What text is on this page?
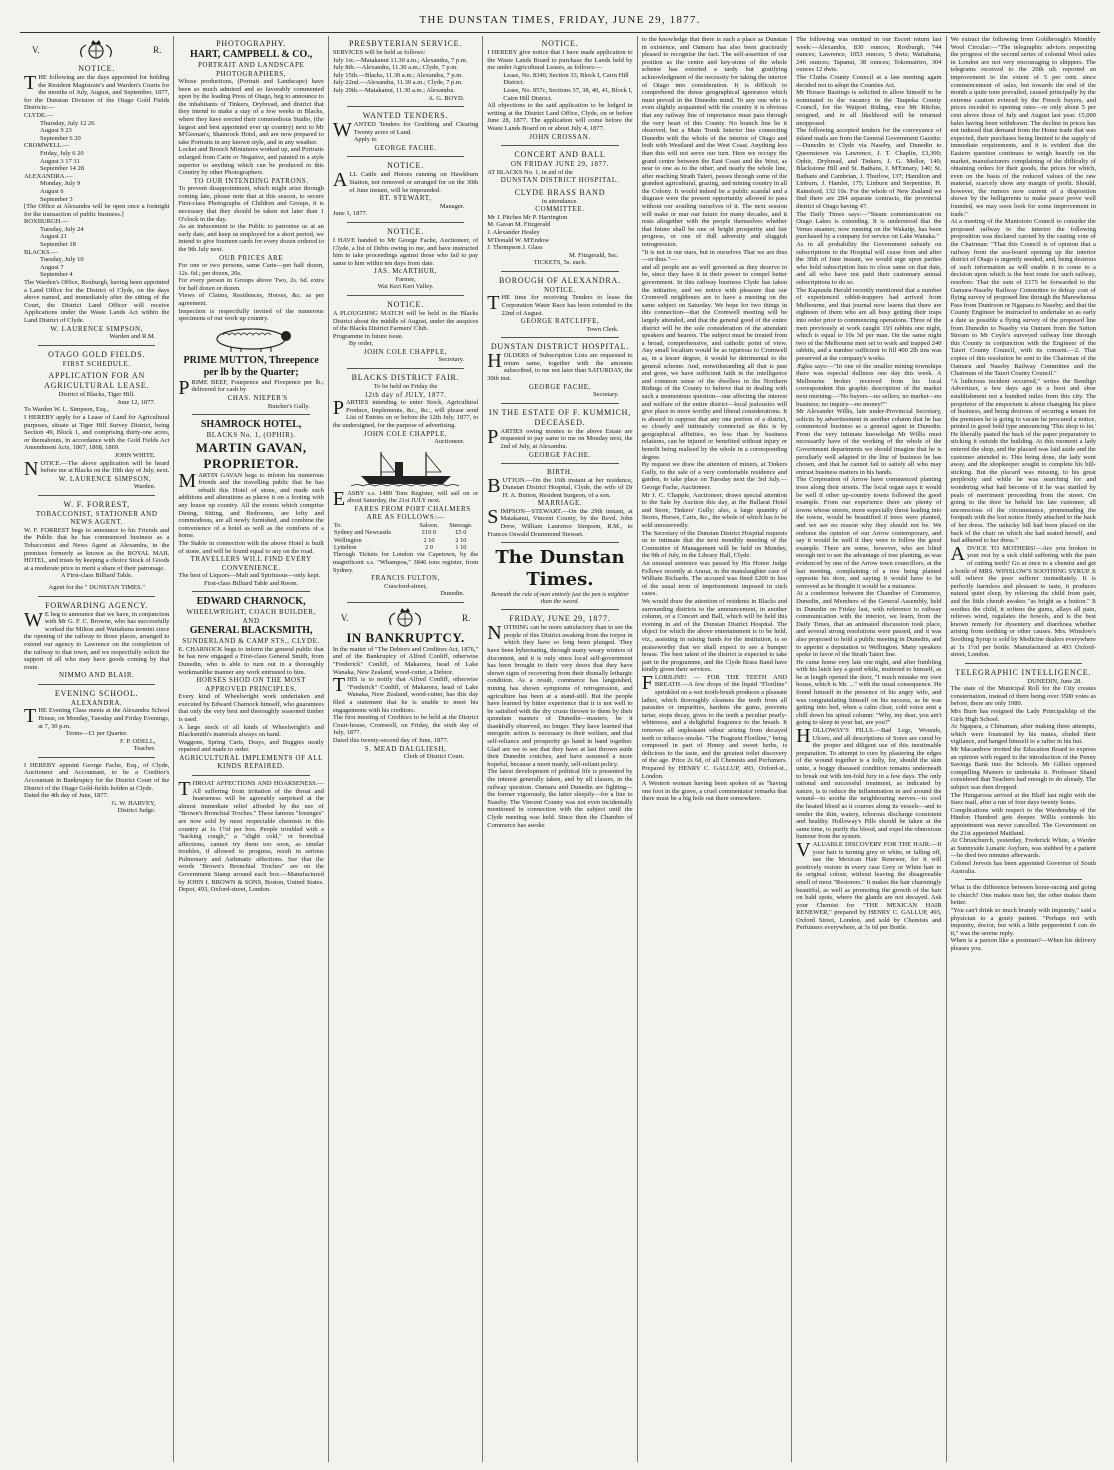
THE DUNSTAN TIMES, FRIDAY, JUNE 29, 1877.
V.	R.
NOTICE.

THE following are the days appointed for holding the Resident Magistrate's and Warden's Courts for the months of July, August, and September, 1877, for the Dunstan Division of the Otago Gold Fields Districts:—

CLYDE.—
Thursday, July 12 26
August 9 23
September 6 20
CROMWELL.—
Friday, July 6 20
August 3 17 31
September 14 28
ALEXANDRA.—
Monday, July 9
August 6
September 3

[The Office at Alexandra will be open once a fortnight for the transaction of public business.]

ROXBURGH.—
Tuesday, July 24
August 21
September 18
BLACKS.—
Tuesday, July 10
August 7
September 4

The Warden's Office, Roxburgh, having been appointed a Land Office for the District of Clyde, on the days above named, and immediately after the sitting of the Court, the District Land Officer will receive Applications under the Waste Lands Act within the Land District of Clyde.

W. LAURENCE SIMPSON,
Warden and R.M.
OTAGO GOLD FIELDS.
FIRST SCHEDULE.
APPLICATION FOR AN AGRICULTURAL LEASE.
District of Blacks, Tiger Hill.
June 12, 1877.
To Warden W. L. Simpson, Esq.,

I HEREBY apply for a Lease of Land for Agricultural purposes, situate at Tiger Hill Survey District, being Section 49, Block 1, and comprising thirty-one acres, or thereabouts, in accordance with the Gold Fields Act Amendment Acts, 1867, 1868, 1869.

JOHN WHITE.

NOTICE.—The above application will be heard before me at Blacks on the 10th day of July, next.

W. LAURENCE SIMPSON,
Warden.
W. F. FORREST,
TOBACCONIST, STATIONER AND NEWS AGENT.

W. F. FORREST begs to announce to his Friends and the Public that he has commenced business as a Tobacconist and News Agent at Alexandra, in the premises formerly as known as the ROYAL MAIL HOTEL, and trusts by keeping a choice Stock of Goods at a moderate price to merit a share of their patronage.

A First-class Billiard Table.
Agent for the " DUNSTAN TIMES."
FORWARDING AGENCY.

W E beg to announce that we have, in conjunction with Mr G. F. C. Browne, who has successfully worked the Milton and Waitahuna termini since the opening of the railway to those places, arranged to extend our agency to Lawrence on the completion of the railway to that town, and we respectfully solicit the support of all who may have goods coming by that route.

NIMMO AND BLAIR.
EVENING SCHOOL.
ALEXANDRA.

THE Evening Class meets at the Alexandra School House, on Monday, Tuesday and Friday Evenings, at 7, 30 p.m.

Terms—£1 per Quarter.
F. P. ODELL,
Teacher.

I HEREBY appoint George Fache, Esq., of Clyde, Auctioneer and Accountant, to be a Creditor's Accountant in Bankruptcy for the District Court of the District of the Otago Gold-fields holden at Clyde.

Dated the 4th day of June, 1877.
G. W. HARVEY,
District Judge.
PHOTOGRAPHY.
HART, CAMPBELL & CO.,
PORTRAIT AND LANDSCAPE PHOTOGRAPHERS,

Whose productions, (Portrait and Landscape) have been so much admired and so favorably commented upon by the leading Press of Otago, beg to announce to the inhabitants of Tinkers, Drybread, and district that they intend to make a stay of a few weeks in Blacks, where they have erected their commodious Studio, (the largest and best appointed ever up country) next to Mr M'Geenan's, Shamrock Hotel, and are now prepared to take Portraits in any known style, and in any weather.

Locket and Brooch Miniatures worked up, and Portraits enlarged from Carte or Negative, and painted in a style superior to anything which can be produced in this Country by other Photographers.

TO OUR INTENDING PATRONS.

To prevent disappointment, which might arise through coming late, please note that at this season, to secure First-class Photographs of Children and Groups, it is necessary that they should be taken not later than 1 O'clock in the day.

As an inducement to the Public to patronise us at an early date, and keep us employed for a short period, we intend to give fourteen cards for every dozen ordered to the 9th July next.

OUR PRICES ARE

For one or two persons, same Carte—per half dozen, 12s. 6d.; per dozen, 20s.

For every person in Groups above Two, 2s. 6d. extra for half dozen or dozen.

Views of Claims, Residences, Horses, &c. as per agreement.

Inspection is respectfully invited of the numerous specimens of our work up country.

PRIME MUTTON, Threepence per lb by the Quarter;

PRIME BEEF, Fourpence and Fivepence per lb.; delivered for cash by

CHAS. NIEPER'S
Butcher's Gully.
SHAMROCK HOTEL,
BLACKS No. 1, (OPHIR).
MARTIN GAVAN, PROPRIETOR.

MARTIN GAVAN begs to inform his numerous friends and the travelling public that he has rebuilt this Hotel of stone, and made such additions and alterations as places it on a footing with any house up country. All the rooms which comprise Dining, Sitting, and Bedrooms, are lofty and commodious, are all newly furnished, and combine the convenience of a hotel as well as the comforts of a home.

The Stable in connection with the above Hotel is built of stone, and will be found equal to any on the road.

TRAVELLERS WILL FIND EVERY CONVENIENCE.

The best of Liquors—Malt and Spirituous—only kept.

First-class Billiard Table and Room.
EDWARD CHARNOCK,
WHEELWRIGHT, COACH BUILDER, AND
GENERAL BLACKSMITH,
SUNDERLAND & CAMP STS., CLYDE.

E. CHARNOCK begs to inform the general public that he has now engaged a First-class General Smith, from Dunedin, who is able to turn out in a thoroughly workmanlike manner any work entrusted to him.

HORSES SHOD ON THE MOST APPROVED PRINCIPLES.

Every kind of Wheelwright work undertaken and executed by Edward Charnock himself, who guarantees that only the very best and thoroughly seasoned timber is used.

A large stock of all kinds of Wheelwright's and Blacksmith's materials always on hand.

Waggons, Spring Carts, Drays, and Buggies neatly repaired and made to order.

AGRICULTURAL IMPLEMENTS OF ALL KINDS REPAIRED.

THROAT AFFECTIONS AND HOARSENESS.—All suffering from irritation of the throat and hoarseness will be agreeably surprised at the almost immediate relief afforded by the use of "Brown's Bronchial Troches." These famous "lozenges" are now sold by most respectable chemists in this country at 1s 1½d per box. People troubled with a "hacking cough," a "slight cold," or bronchial affections, cannot try them too soon, as similar troubles, if allowed to progress, result in serious Pulmonary and Asthmatic affections. See that the words "Brown's Bronchial Troches" are on the Government Stamp around each box.—Manufactured by JOHN I. BROWN & SONS, Boston, United States. Depot, 493, Oxford-street, London.

PRESBYTERIAN SERVICE.

SERVICES will be held as follows:

July 1st.—Matakanui 11.30 a.m.; Alexandra, 7 p.m.

July 8th.—Alexandra, 11.30 a.m.; Clyde, 7 p.m.

July 15th.—Blacks, 11.30 a.m.; Alexandra, 7 p.m.

July 22nd.—Alexandra, 11.30 a.m.; Clyde, 7 p.m.

July 29th.—Matakanui, 11.30 a.m.; Alexandra.

A. G. BOYD.
WANTED TENDERS.

WANTED Tenders for Grubbing and Clearing Twenty acres of Land.

Apply to
GEORGE FACHE.
NOTICE.

ALL Cattle and Horses running on Hawkburn Station, not removed or arranged for on the 30th of June instant, will be impounded.

RT. STEWART,
Manager.
June 1, 1877.
NOTICE.

I HAVE handed to Mr George Fache, Auctioneer, of Clyde, a list of Debts owing to me, and have instructed him to take proceedings against those who fail to pay same to him within ten days from date.

JAS. McARTHUR,
Farmer,
Wai Keri Keri Valley.
NOTICE.

A PLOUGHING MATCH will be held in the Blacks District about the middle of August, under the auspices of the Blacks District Farmers' Club.

Programme in future issue.

By order,
JOHN COLE CHAPPLE,
Secretary.
BLACKS DISTRICT FAIR.
To be held on Friday the
12th day of JULY, 1877.

PARTIES intending to enter Stock, Agricultural Produce, Implements, &c., &c., will please send List of Entries on or before the 12th July, 1877, to the undersigned, for the purpose of advertising.

JOHN COLE CHAPPLE,
Auctioneer.

EASBY s.s. 1489 Tons Register, will sail on or about Saturday, the 21st JULY next.

FARES FROM PORT CHALMERS ARE AS FOLLOWS:—
To.	Saloon.	Steerage.
Sydney and Newcastle	£10 0	£5 0
Wellington	2 10	2 10
Lyttelton	2 0	1 10

Through Tickets for London via Capetown, by the magnificent s.s. "Whampoa," 3846 tons register, from Sydney.

FRANCIS FULTON,
Crawford-street,
Dunedin.
V.	R.
IN BANKRUPTCY.

In the matter of "The Debtors and Creditors Act, 1876," and of the Bankruptcy of Alfred Conliff, otherwise "Frederick" Conliff, of Makarora, head of Lake Wanaka, New Zealand, wood-cutter, a Debtor.

THIS is to notify that Alfred Conliff, otherwise "Frederick" Conliff, of Makarora, head of Lake Wanaka, New Zealand, wood-cutter, has this day filed a statement that he is unable to meet his engagements with his creditors.

The first meeting of Creditors to be held at the District Court-house, Cromwell, on Friday, the sixth day of July, 1877.

Dated this twenty-second day of June, 1877.

S. MEAD DALGLIESH,
Clerk of District Court.
NOTICE.

I HEREBY give notice that I have made application to the Waste Lands Board to purchase the Lands held by me under Agricultural Leases, as follows:—

Lease, No. 8340, Section 33, Block I, Cairn Hill District.
Lease, No. 857c, Sections 37, 38, 40, 41, Block I, Cairn Hill District.

All objections to the said application to be lodged in writing at the District Land Office, Clyde, on or before June 28, 1877. The application will come before the Waste Lands Board on or about July 4, 1877.

JOHN CROSSAN.
CONCERT AND BALL
ON FRIDAY JUNE 29, 1877.

AT BLACKS No. 1, in aid of the

DUNSTAN DISTRICT HOSPITAL.
CLYDE BRASS BAND
in attendance.
COMMITTEE.
Mr J. Pitches Mr P. Harrington
M. Gavan M. Fitzgerald
J. Alexander Healey
M'Donald W. M'Endow
J. Thompson J. Glass
M. Fitzgerald, Sec.
TICKETS, 5s. each.
BOROUGH OF ALEXANDRA.
NOTICE.

THE time for receiving Tenders to lease the Corporation Water Race has been extended to the 22nd of August.

GEORGE RATCLIFFE,
Town Clerk.
DUNSTAN DISTRICT HOSPITAL.

HOLDERS of Subscription Lists are requested to return same, together with the amounts subscribed, to me not later than SATURDAY, the 30th inst.

GEORGE FACHE,
Secretary.
IN THE ESTATE OF F. KUMMICH, DECEASED.

PARTIES owing monies to the above Estate are requested to pay same to me on Monday next, the 2nd of July, at Alexandra.

GEORGE FACHE.
BIRTH.

BUTTON.—On the 16th instant at her residence, Dunstan District Hospital, Clyde, the wife of Dr H. A. Button, Resident Surgeon, of a son.

MARRIAGE.

SIMPSON—STEWART.—On the 29th instant, at Matakanui, Vincent County, by the Revd. John Drew, William Laurence Simpson, R.M., to Frances Oswald Drummond Stewart.

The Dunstan Times.
Beneath the rule of men entirely just the pen is mightier than the sword.
FRIDAY, JUNE 29, 1877.

NOTHING can be more satisfactory than to see the people of this District awaking from the torpor in which they have so long been plunged. They have been hybernating, through many weary winters of discontent, and it is only since local self-government has been brought to their very doors that they have shown signs of recovering from their dismally lethargic condition. As a result, commerce has languished, mining has shown symptoms of retrogression, and agriculture has been at a stand-still. But the people have learned by bitter experience that it is not well to be satisfied with the dry crusts thrown to them by their quondam masters of Dunedin—masters, be it thankfully observed, no longer. They have learned that energetic action is necessary to their welfare, and that self-reliance and prosperity go hand in hand together. Glad are we to see that they have at last thrown aside their Dunedin crutches, and have assumed a more hopeful, because a more manly, self-reliant policy.

The latest development of political life is presented by the interest generally taken, and by all classes, in the railway question. Oamaru and Dunedin are fighting—the former vigorously, the latter sleepily—for a line to Naseby. The Vincent County was not even incidentally mentioned in connection with the subject until the Clyde meeting was held. Since then the Chamber of Commerce has awoke

to the knowledge that there is such a place as Dunstan in existence, and Oamaru has also been graciously pleased to recognise the fact. The self-assertion of our position as the centre and key-stone of the whole scheme has extorted a tardy but gratifying acknowledgment of the necessity for taking the interior of Otago into consideration. It is difficult to comprehend the dense geographical ignorance which must prevail in the Dunedin mind. To any one who is even slightly acquainted with the country it is obvious that any railway line of importance must pass through the very heart of this County. No branch line be it observed, but a Main Trunk Interior line connecting Dunedin with the whole of the interior of Otago and both with Westland and the West Coast. Anything less than this will not serve our turn. Here we occupy the grand centre between the East Coast and the West, as near to one as to the other; and nearly the whole line, after reaching Strath Taieri, passes through some of the grandest agricultural, grazing, and mining country in all the Colony. It would indeed be a public scandal and a disgrace were the present opportunity allowed to pass without our availing ourselves of it. The next session will make or mar our future for many decades, and it rests altogether with the people themselves whether that future shall be one of bright prosperity and fair progress, or one of dull adversity and sluggish retrogression.

"It is not in our stars, but in ourselves That we are thus—or thus."—

and all people are as well governed as they deserve to be, since they have it in their power to compel better government. In this railway business Clyde has taken the initiative, and we notice with pleasure that our Cromwell neighbours are to have a meeting on the same subject on Saturday. We hope for two things in this connection—that the Cromwell meeting will be largely attended, and that the general good of the entire district will be the sole consideration of the attendant speakers and hearers. The subject must be treated from a broad, comprehensive, and catholic point of view. Any small localism would be as injurious to Cromwell as, in a lesser degree, it would be detrimental to the general scheme. And, notwithstanding all that is past and gone, we have sufficient faith in the intelligence and common sense of the dwellers in the Northern Ridings of the County to believe that in dealing with such a momentous question—one affecting the interest and welfare of the entire district—local jealousies will give place to more worthy and liberal considerations. It is absurd to suppose that any one portion of a district, so closely and intimately connected as this is by geographical affinities, no less than by business relations, can be injured or benefited without injury or benefit being realised by the whole in a corresponding degree.

By request we draw the attention of miners, at Tinkers Gully, to the sale of a very comfortable residence and garden, to take place on Tuesday next the 3rd July.—George Fache, Auctioneer.

Mr J. C. Chapple, Auctioneer, draws special attention to the Sale by Auction this day, at the Ballarat Hotel and Store, Tinkers' Gully; also, a large quantity of Stores, Horses, Carts, &c., the whole of which has to be sold unreservedly.

The Secretary of the Dunstan District Hospital requests us to intimate that the next monthly meeting of the Committee of Management will be held on Monday, the 9th of July, in the Library Hall, Clyde.

An unusual sentence was passed by His Honor Judge Fellows recently at Ararat, in the manslaughter case of William Richards. The accused was fined £200 in lieu of the usual term of imprisonment imposed in such cases.

We would draw the attention of residents in Blacks and surrounding districts to the announcement, in another column, of a Concert and Ball, which will be held this evening in aid of the Dunstan District Hospital. The object for which the above entertainment is to be held, viz., assisting in raising funds for the institution, is so praiseworthy that we shall expect to see a bumper house. The best talent of the district is expected to take part in the programme, and the Clyde Brass Band have kindly given their services.

FLORILINE! — FOR THE TEETH AND BREATH.—A few drops of the liquid "Floriline" sprinkled on a wet tooth-brush produces a pleasant lather, which thoroughly cleanses the teeth from all parasites or impurities, hardens the gums, prevents tartar, stops decay, gives to the teeth a peculiar pearly-whiteness, and a delightful fragrance to the breath. It removes all unpleasant odour arising from decayed teeth or tobacco smoke. "The Fragrant Floriline," being composed in part of Honey and sweet herbs, is delicious to the taste, and the greatest toilet discovery of the age. Price 2s 6d, of all Chemists and Perfumers. Prepared by HENRY C. GALLUP, 493, Oxford-st., London.

A Western woman having been spoken of as "having one foot in the grave, a cruel commentator remarks that there must be a big hole out there somewhere.

The following was omitted in our Escort return last week:—Alexandra, 830 ounces; Roxburgh, 744 ounces; Lawrence, 1053 ounces, 5 dwts; Waitahuna, 246 ounces; Tapanui, 38 ounces; Tokomairiro, 304 ounces 12 dwts.

The Clutha County Council at a late meeting again decided not to adopt the Counties Act.

Mr Horace Bastings is solicited to allow himself to be nominated to the vacancy in the Taupeka County Council, for the Waipori Riding, vice Mr Ritchie, resigned, and in all likelihood will be returned unopposed.

The following accepted tenders for the conveyance of inland mails are from the General Government Gazette:—Dunedin to Clyde via Naseby, and Dunedin to Queenstown via Lawrence, J. T. Chaplin, £3,300; Ophir, Drybread, and Tinkers, J. G. Mellor, 140; Blackstone Hill and St. Bathans, J. M'Ennary, 140; St. Bathans and Cambrian, J. Thurlow, 137; Hamilton and Linburn, J. Hamlet, 175; Linburn and Serpentine, H. Rainsford, 132 10s. For the whole of New Zealand we find there are 284 separate contracts, the provincial district of Otago having 47.

The Daily Times says:—"Steam communication on Otago Lakes is extending. It is understood that the Venus steamer, now running on the Wakatip, has been purchased by a company for service on Lake Wanaka."

As in all probability the Government subsidy on subscriptions to the Hospital will cease from and after the 30th of June instant, we would urge upon parties who hold subscription lists to close same on that date, and all who have not paid their customary annual subscriptions to do so.

The Kapunda Herald recently mentioned that a number of experienced rabbit-trappers had arrived from Melbourne, and that journal now learns that there are eighteen of them who are all busy getting their traps into order prior to commencing operations. Three of the men previously at work caught 193 rabbits one night, which is equal to 10s 3d per man. On the same night two of the Melbourne men set to work and trapped 240 rabbits, and a number sufficient to fill 400 2lb tins was preserved at the company's works.

Ægles says:—"In one of the smaller mining townships there was especial dullness one day this week. A Melbourne broker received from his local correspondent this graphic description of the market next morning:—'No buyers—no sellers; no market—no business; no inquiry—no money!'"

Mr Alexander Willis, late under-Provincial Secretary, solicits by advertisement in another column that he has commenced business as a general agent in Dunedin. From the very intimate knowledge Mr Willis must necessarily have of the working of the whole of the Government departments we should imagine that he is peculiarly well adapted to the line of business he has chosen, and that he cannot fail to satisfy all who may entrust business matters in his hands.

The Corporation of Arrow have commenced planting trees along their streets. The local organ says it would be well if other up-country towns followed the good example. From our experience there are plenty of towns whose streets, more especially those leading into the towns, would be beautified if trees were planted, and we see no reason why they should not be. We endorse the opinion of our Arrow contemporary, and say it would be well if they were to follow the good example. There are some, however, who are blind enough not to see the advantage of tree planting, as was evidenced by one of the Arrow town councillors, at the last meeting, complaining of a tree being planted opposite his door, and saying it would have to be removed as he thought it would be a nuisance.

At a conference between the Chamber of Commerce, Dunedin, and Members of the General Assembly, held in Dunedin on Friday last, with reference to railway communication with the interior, we learn, from the Daily Times, that an animated discussion took place, and several strong resolutions were passed, and it was also proposed to hold a public meeting in Dunedin, and to appoint a deputation to Wellington. Many speakers spoke in favor of the Strath Taieri line.

He came home very late one night, and after fumbling with his latch key a good while, muttered to himself, as he at length opened the door, "I much mistake my own house, which is Mr. ..." with the usual consequence. He found himself in the presence of his angry wife, and was congratulating himself on his success, as he was getting into bed, when a calm clear, cold voice sent a chill down his spinal column: "Why, my dear, you ain't going to sleep in your hat, are you?"

HOLLOWAY'S PILLS.—Bad Legs, Wounds, Ulcers, and all descriptions of Sores are cured by the proper and diligent use of this inestimable preparation. To attempt to cure by plastering the edges of the wound together is a folly, for, should the skin unite, a boggy diseased condition remains underneath to break out with ten-fold fury in a few days. The only rational and successful treatment, as indicated by nature, is to reduce the inflammation in and around the wound—to soothe the neighbouring nerves—to cool the heated blood as it courses along its vessels—and to render the thin, watery, ichorous discharge consistent and healthy. Holloway's Pills should be taken at the same time, to purify the blood, and expel the obnoxious humour from the system.

VALUABLE DISCOVERY FOR THE HAIR.—If your hair is turning grey or white, or falling off, use the Mexican Hair Renewer, for it will positively restore in every case Grey or White hair to its original colour, without leaving the disagreeable smell of most "Restorers." It makes the hair charmingly beautiful, as well as promoting the growth of the hair on bald spots, where the glands are not decayed. Ask your Chemist for "THE MEXICAN HAIR RENEWER," prepared by HENRY C. GALLUP, 493, Oxford Street, London, and sold by Chemists and Perfumers everywhere, at 3s 6d per Bottle.

We extract the following from Goldbrough's Monthly Wool Circular:—"The telegraphic advices respecting the progress of the second series of colonial Wool sales in London are not very encouraging to shippers. The telegrams received to the 20th ult. reported an improvement to the extent of 5 per cent. since commencement of sales, but towards the end of the month a quite tone prevailed, caused principally by the extreme caution evinced by the French buyers, and prices receded to opening rates—or only about 5 per cent above those of July and August last year. 15,000 bales having been withdrawn. The decline in prices has not induced that demand from the Home trade that was expected, their purchases being limited to the supply of immediate requirements, and it is evident that the Eastern question continues to weigh heavily on the market, manufacturers complaining of the difficulty of obtaining orders for their goods, the prices for which, even on the basis of the reduced values of the raw material, scarcely show any margin of profit. Should, however, the rumors now current of a disposition shown by the belligerents to make peace prove well founded, we may soon look for some improvement in trade."

At a meeting of the Maniototo Council to consider the proposed railway to the interior the following proposition was declared carried by the casting vote of the Chairman: "That this Council is of opinion that a railway from the sea-board opening up the interior district of Otago is urgently needed, and, being desirous of such information as will enable it to come to a decision upon which is the best route for such railway, resolves: That the sum of £175 be forwarded to the Oamaru-Naseby Railway Committee to defray cost of flying survey of proposed line through the Marewhenua Pass from Duntroon or Ngapara to Naseby; and that the County Engineer be instructed to undertake so as early a date as possible a flying survey of the proposed line from Dunedin to Naseby via Outram from the Sutton Stream to Mr Coyle's surveyed railway line through this County in conjunction with the Engineer of the Taieri County Council, with its consent.—2. That copies of this resolution be sent to the Chairman of the Oamaru and Naseby Railway Committee and the Chairman of the Taieri County Council."

"A ludicrous incident occurred," writes the Bendigo Advertiser, a few days ago in a boot and shoe establishment not a hundred miles from this city. The proprietor of the emporium is about changing his place of business, and being desirous of securing a tenant for the premises he is going to vacate he procured a notice, printed in good bold type announcing 'This shop to let.' He liberally pasted the back of the paper preparatory to sticking it outside the building. At this moment a lady entered the shop, and the placard was laid aside and the customer attended to. This being done, the lady went away, and the shopkeeper sought to complete his bill-sticking. But the placard was missing, to his great perplexity and while he was searching for and wondering what had become of it he was startled by peals of merriment proceeding from the street. On going to the door he beheld his late customer, all unconscious of the circumstance, promenading the footpath with the lost notice firmly attached to the back of her dress. The unlucky bill had been placed on the back of the chair on which she had seated herself, and had adhered to her dress."

ADVICE TO MOTHERS!—Are you broken in your rest by a sick child suffering with the pain of cutting teeth? Go at once to a chemist and get a bottle of MRS. WINSLOW'S SOOTHING SYRUP. It will relieve the poor sufferer immediately. It is perfectly harmless and pleasant to taste, it produces natural quiet sleep, by relieving the child from pain, and the little cherub awakes "as bright as a button." It soothes the child, it softens the gums, allays all pain, relieves wind, regulates the bowels, and is the best known remedy for dysentery and diarrhoea whether arising from teething or other causes. Mrs. Winslow's Soothing Syrup is sold by Medicine dealers everywhere at 1s 1½d per bottle. Manufactured at 493 Oxford-street, London.

TELEGRAPHIC INTELLIGENCE.
DUNEDIN, June 28.

The state of the Municipal Roll for the City creates consternation, instead of there being over 3500 votes as before, there are only 1980.

Mrs Burn has resigned the Lady Principalship of the Girls High School.

At Ngapara, a Chinaman, after making three attempts, which were frustrated by his mates, eluded their vigilance, and hanged himself to a rafter in his hut.

Mr Macandrew invited the Education Board to express an opinion with regard to the introduction of the Penny Savings Bank into the Schools. Mr Gillies opposed compelling Masters to undertake it. Professor Shand considered that Teachers had enough to do already. The subject was then dropped.

The Hungarooa arrived at the Bluff last night with the Suez mail, after a run of four days twenty hours.

Complications with respect to the Wardenship of the Hindon Hundred gets deeper. Willis contends his appointment was never cancelled. The Government on the 21st appointed Maitland.

At Christchurch, yesterday, Frederick White, a Warder at Sunnyside Lunatic Asylum, was stabbed by a patient—he died two minutes afterwards.

Colonel Jervois has been appointed Governor of South Australia.

What is the difference between horse-racing and going to church? One makes men bet, the other makes them better.

"You can't drink so much brandy with impunity," said a physician to a gouty patient. "Perhaps not with impunity, doctor, but with a little peppermint I can do it," was the serene reply.

When is a parson like a postman?—When his delivery pleases you.
